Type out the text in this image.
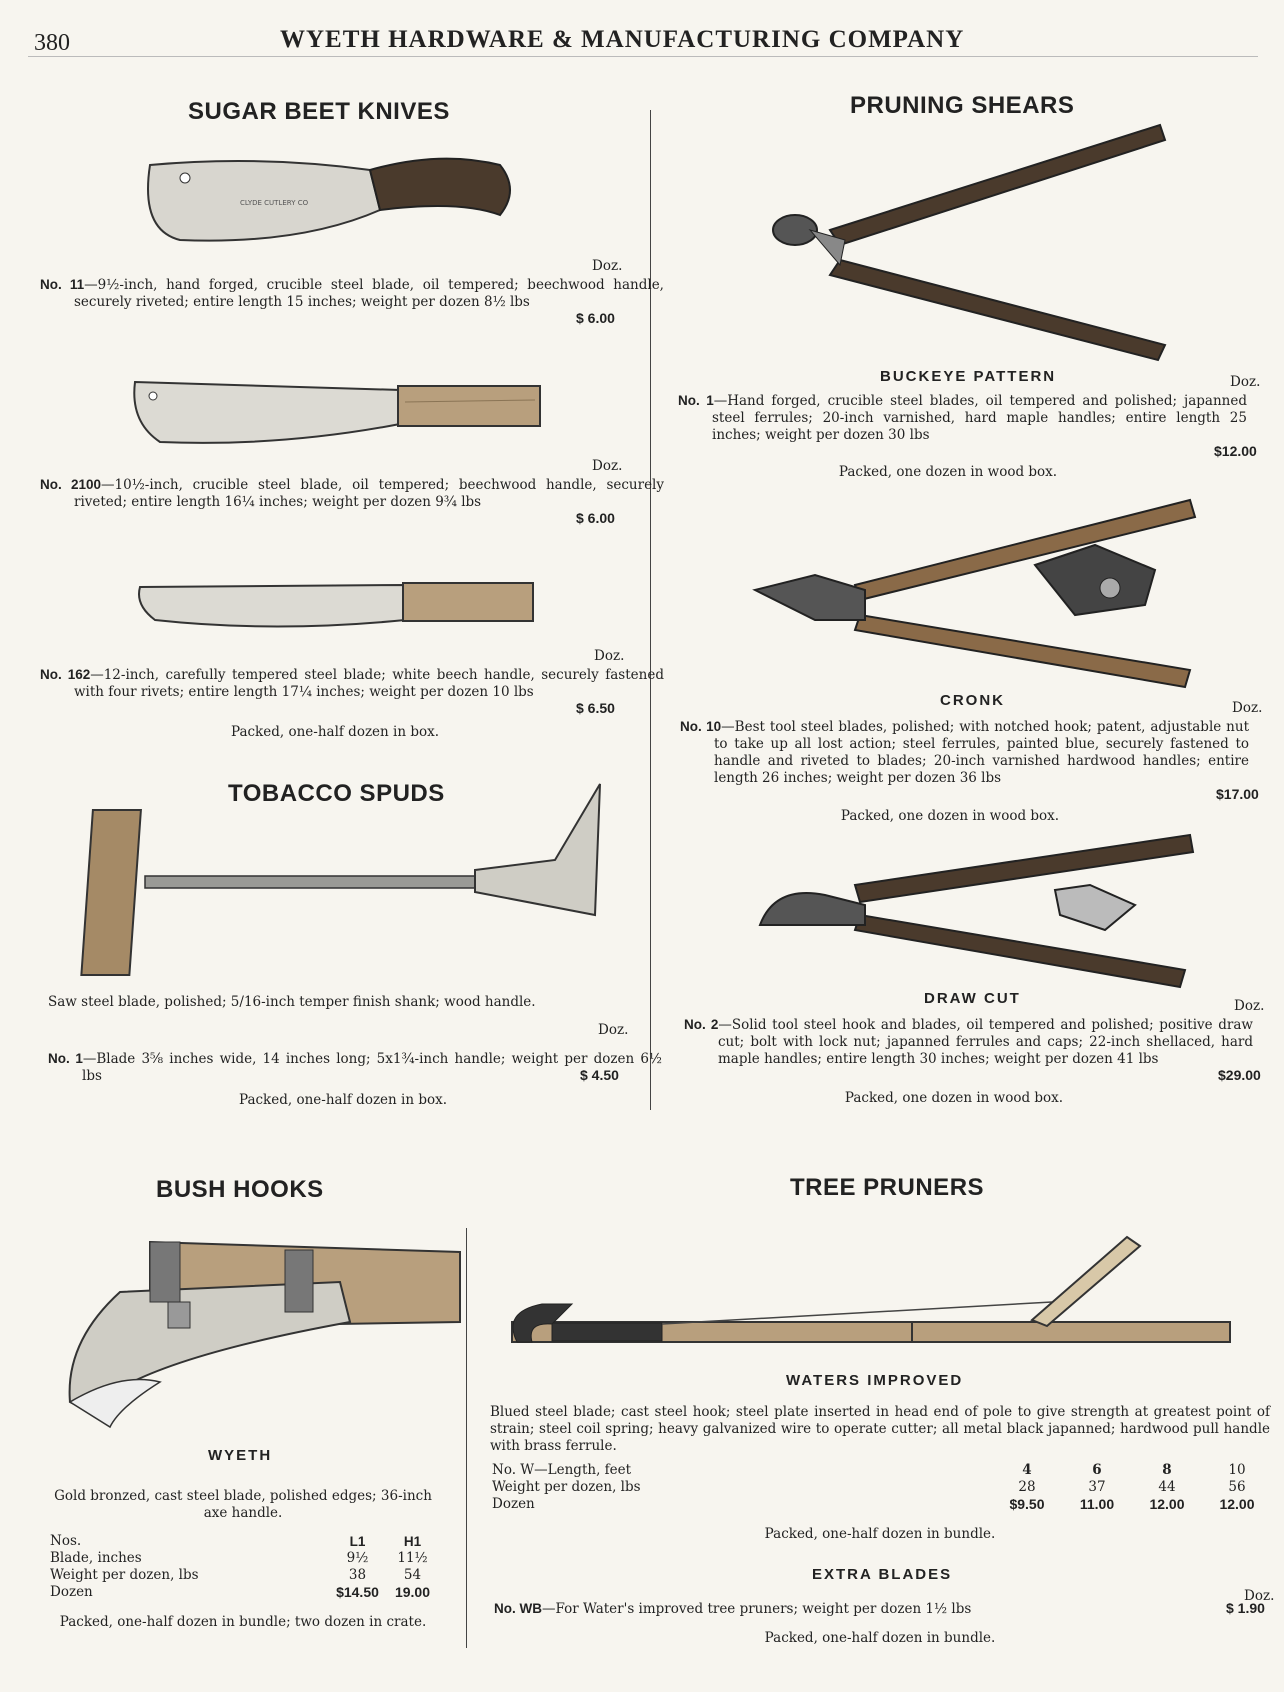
380	WYETH HARDWARE & MANUFACTURING COMPANY
SUGAR BEET KNIVES
CLYDE CUTLERY CO
Doz.
No. 11—9½-inch, hand forged, crucible steel blade, oil tempered; beechwood handle, securely riveted; entire length 15 inches; weight per dozen 8½ lbs
$ 6.00
Doz.
No. 2100—10½-inch, crucible steel blade, oil tempered; beechwood handle, securely riveted; entire length 16¼ inches; weight per dozen 9¾ lbs
$ 6.00
Doz.
No. 162—12-inch, carefully tempered steel blade; white beech handle, securely fastened with four rivets; entire length 17¼ inches; weight per dozen 10 lbs
$ 6.50
Packed, one-half dozen in box.
TOBACCO SPUDS
Saw steel blade, polished; 5/16-inch temper finish shank; wood handle.
Doz.
No. 1—Blade 3⅝ inches wide, 14 inches long; 5x1¾-inch handle; weight per dozen 6½ lbs	$ 4.50
Packed, one-half dozen in box.
PRUNING SHEARS
BUCKEYE PATTERN	Doz.
No. 1—Hand forged, crucible steel blades, oil tempered and polished; japanned steel ferrules; 20-inch varnished, hard maple handles; entire length 25 inches; weight per dozen 30 lbs
$12.00
Packed, one dozen in wood box.
CRONK	Doz.
No. 10—Best tool steel blades, polished; with notched hook; patent, adjustable nut to take up all lost action; steel ferrules, painted blue, securely fastened to handle and riveted to blades; 20-inch varnished hardwood handles; entire length 26 inches; weight per dozen 36 lbs
$17.00
Packed, one dozen in wood box.
DRAW CUT	Doz.
No. 2—Solid tool steel hook and blades, oil tempered and polished; positive draw cut; bolt with lock nut; japanned ferrules and caps; 22-inch shellaced, hard maple handles; entire length 30 inches; weight per dozen 41 lbs
$29.00
Packed, one dozen in wood box.
BUSH HOOKS
WYETH
Gold bronzed, cast steel blade, polished edges; 36-inch axe handle.
Nos.	L1	H1
Blade, inches	9½	11½
Weight per dozen, lbs	38	54
Dozen	$14.50	19.00
Packed, one-half dozen in bundle; two dozen in crate.
TREE PRUNERS
WATERS IMPROVED
Blued steel blade; cast steel hook; steel plate inserted in head end of pole to give strength at greatest point of strain; steel coil spring; heavy galvanized wire to operate cutter; all metal black japanned; hardwood pull handle with brass ferrule.
No. W—Length, feet	4	6	8	10
Weight per dozen, lbs	28	37	44	56
Dozen	$9.50	11.00	12.00	12.00
Packed, one-half dozen in bundle.
EXTRA BLADES
Doz.
No. WB—For Water's improved tree pruners; weight per dozen 1½ lbs	$ 1.90
Packed, one-half dozen in bundle.
